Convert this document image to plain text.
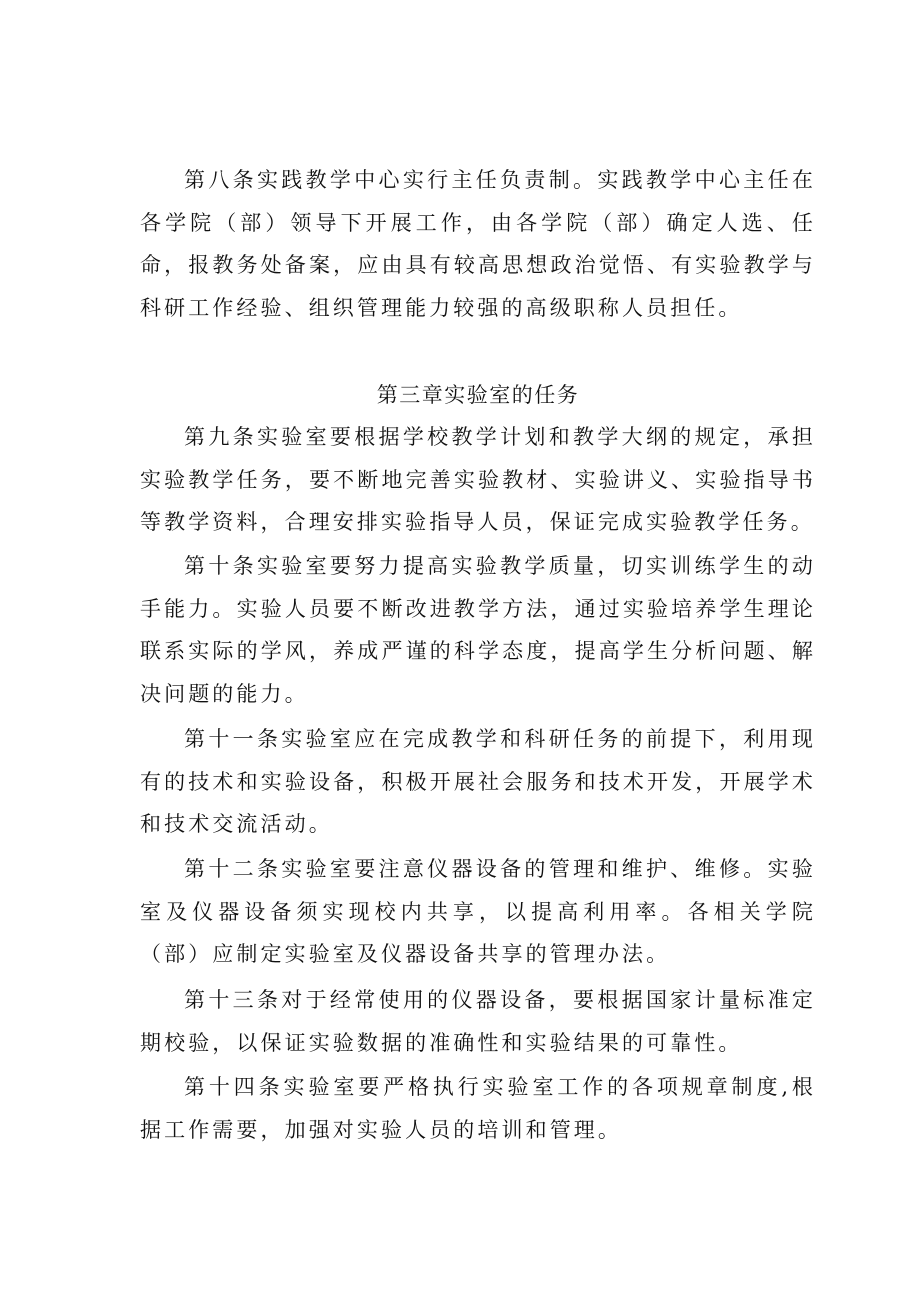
第八条实践教学中心实行主任负责制。实践教学中心主任在各学院（部）领导下开展工作，由各学院（部）确定人选、任命，报教务处备案，应由具有较高思想政治觉悟、有实验教学与科研工作经验、组织管理能力较强的高级职称人员担任。

第三章实验室的任务

第九条实验室要根据学校教学计划和教学大纲的规定，承担实验教学任务，要不断地完善实验教材、实验讲义、实验指导书等教学资料，合理安排实验指导人员，保证完成实验教学任务。

第十条实验室要努力提高实验教学质量，切实训练学生的动手能力。实验人员要不断改进教学方法，通过实验培养学生理论联系实际的学风，养成严谨的科学态度，提高学生分析问题、解决问题的能力。

第十一条实验室应在完成教学和科研任务的前提下，利用现有的技术和实验设备，积极开展社会服务和技术开发，开展学术和技术交流活动。

第十二条实验室要注意仪器设备的管理和维护、维修。实验室及仪器设备须实现校内共享，以提高利用率。各相关学院（部）应制定实验室及仪器设备共享的管理办法。

第十三条对于经常使用的仪器设备，要根据国家计量标准定期校验，以保证实验数据的准确性和实验结果的可靠性。

第十四条实验室要严格执行实验室工作的各项规章制度,根据工作需要，加强对实验人员的培训和管理。
